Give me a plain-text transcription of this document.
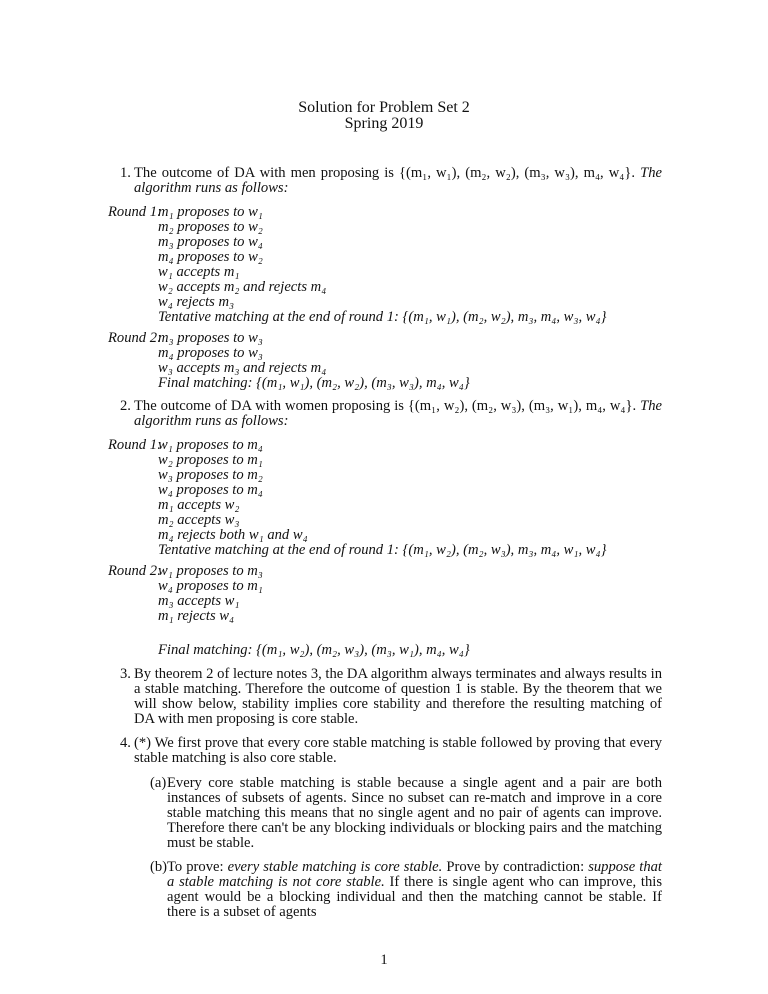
Solution for Problem Set 2
Spring 2019
1. The outcome of DA with men proposing is {(m₁, w₁), (m₂, w₂), (m₃, w₃), m₄, w₄}. The algorithm runs as follows:
Round 1:
m₁ proposes to w₁
m₂ proposes to w₂
m₃ proposes to w₄
m₄ proposes to w₂
w₁ accepts m₁
w₂ accepts m₂ and rejects m₄
w₄ rejects m₃
Tentative matching at the end of round 1: {(m₁, w₁), (m₂, w₂), m₃, m₄, w₃, w₄}
Round 2:
m₃ proposes to w₃
m₄ proposes to w₃
w₃ accepts m₃ and rejects m₄
Final matching: {(m₁, w₁), (m₂, w₂), (m₃, w₃), m₄, w₄}
2. The outcome of DA with women proposing is {(m₁, w₂), (m₂, w₃), (m₃, w₁), m₄, w₄}. The algorithm runs as follows:
Round 1:
w₁ proposes to m₄
w₂ proposes to m₁
w₃ proposes to m₂
w₄ proposes to m₄
m₁ accepts w₂
m₂ accepts w₃
m₄ rejects both w₁ and w₄
Tentative matching at the end of round 1: {(m₁, w₂), (m₂, w₃), m₃, m₄, w₁, w₄}
Round 2:
w₁ proposes to m₃
w₄ proposes to m₁
m₃ accepts w₁
m₁ rejects w₄
Final matching: {(m₁, w₂), (m₂, w₃), (m₃, w₁), m₄, w₄}
3. By theorem 2 of lecture notes 3, the DA algorithm always terminates and always results in a stable matching. Therefore the outcome of question 1 is stable. By the theorem that we will show below, stability implies core stability and therefore the resulting matching of DA with men proposing is core stable.
4. (*) We first prove that every core stable matching is stable followed by proving that every stable matching is also core stable.
(a) Every core stable matching is stable because a single agent and a pair are both instances of subsets of agents. Since no subset can re-match and improve in a core stable matching this means that no single agent and no pair of agents can improve. Therefore there can't be any blocking individuals or blocking pairs and the matching must be stable.
(b) To prove: every stable matching is core stable. Prove by contradiction: suppose that a stable matching is not core stable. If there is single agent who can improve, this agent would be a blocking individual and then the matching cannot be stable. If there is a subset of agents
1
